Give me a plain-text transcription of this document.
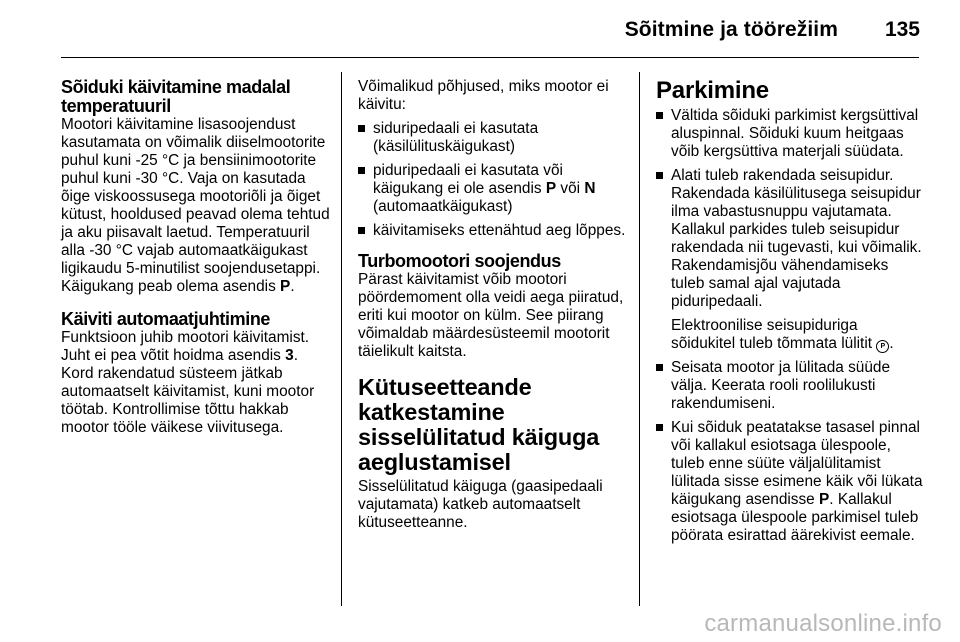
Sõitmine ja töörežiim 135
Sõiduki käivitamine madalal
temperatuuril

Mootori käivitamine lisasoojendust kasutamata on võimalik diiselmootorite puhul kuni -25 °C ja bensiinimootorite puhul kuni -30 °C. Vaja on kasutada õige viskoossusega mootoriõli ja õiget kütust, hooldused peavad olema tehtud ja aku piisavalt laetud. Temperatuuril alla -30 °C vajab automaatkäigukast ligikaudu 5-minutilist soojendusetappi.

Käigukang peab olema asendis P.

Käiviti automaatjuhtimine

Funktsioon juhib mootori käivitamist.

Juht ei pea võtit hoidma asendis 3.

Kord rakendatud süsteem jätkab automaatselt käivitamist, kuni mootor töötab. Kontrollimise tõttu hakkab mootor tööle väikese viivitusega.

Võimalikud põhjused, miks mootor ei käivitu:

siduripedaali ei kasutata (käsilülituskäigukast)
piduripedaali ei kasutata või käigukang ei ole asendis P või N (automaatkäigukast)
käivitamiseks ettenähtud aeg lõppes.
Turbomootori soojendus

Pärast käivitamist võib mootori pöördemoment olla veidi aega piiratud, eriti kui mootor on külm. See piirang võimaldab määrdesüsteemil mootorit täielikult kaitsta.

Kütuseetteande
katkestamine
sisselülitatud käiguga
aeglustamisel

Sisselülitatud käiguga (gaasipedaali vajutamata) katkeb automaatselt kütuseetteanne.

Parkimine
Vältida sõiduki parkimist kergsüttival aluspinnal. Sõiduki kuum heitgaas võib kergsüttiva materjali süüdata.
Alati tuleb rakendada seisupidur. Rakendada käsilülitusega seisupidur ilma vabastusnuppu vajutamata. Kallakul parkides tuleb seisupidur rakendada nii tugevasti, kui võimalik. Rakendamisjõu vähendamiseks tuleb samal ajal vajutada piduripedaali.
Elektroonilise seisupiduriga sõidukitel tuleb tõmmata lülitit P .
Seisata mootor ja lülitada süüde välja. Keerata rooli roolilukusti rakendumiseni.
Kui sõiduk peatatakse tasasel pinnal või kallakul esiotsaga ülespoole, tuleb enne süüte väljalülitamist lülitada sisse esimene käik või lükata käigukang asendisse P. Kallakul esiotsaga ülespoole parkimisel tuleb pöörata esirattad äärekivist eemale.
carmanualsonline.info
